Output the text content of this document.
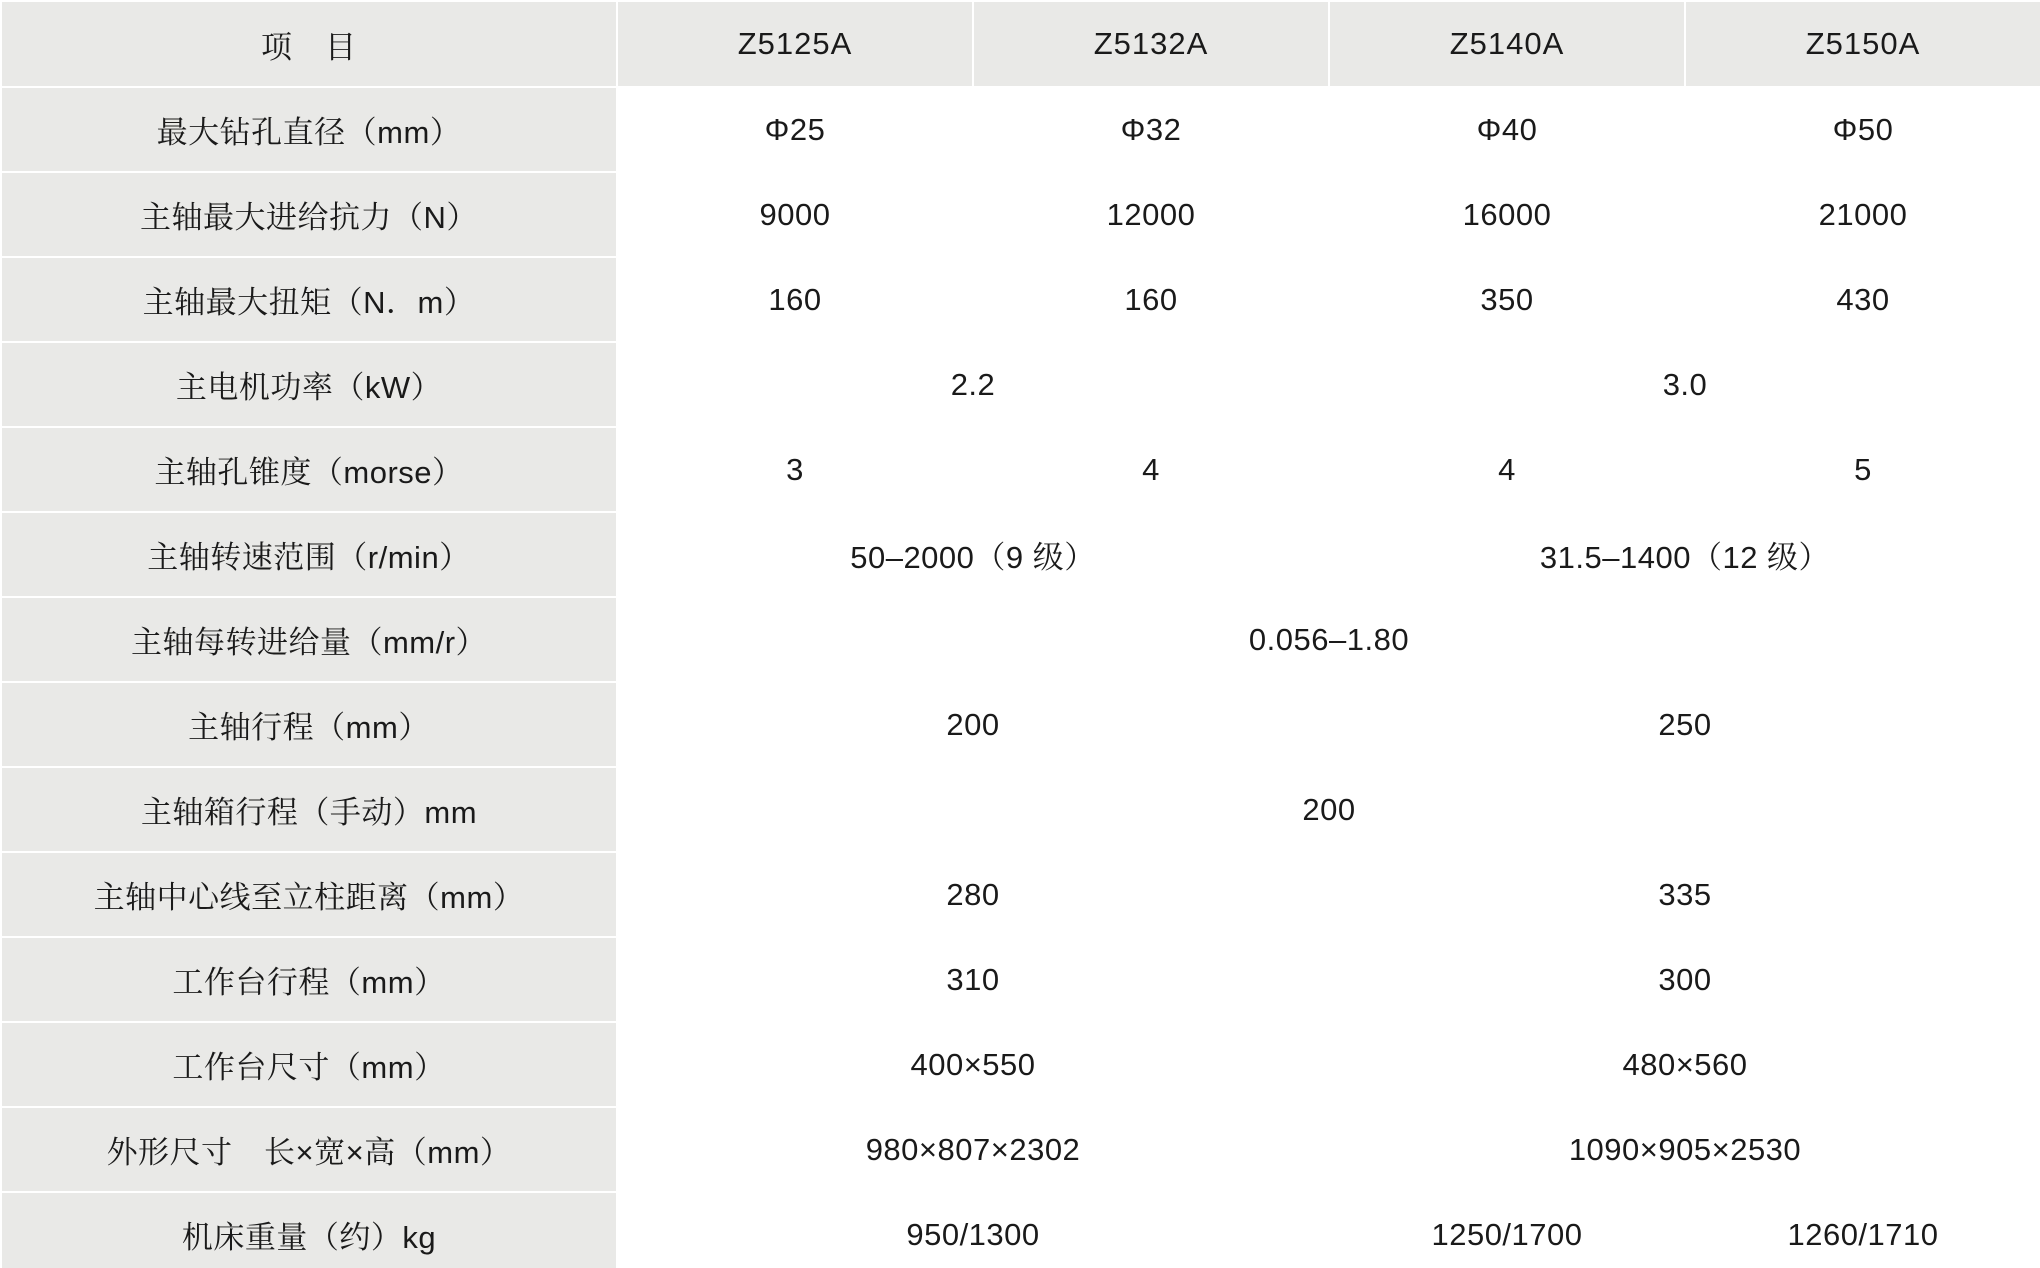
项　目	Z5125A	Z5132A	Z5140A	Z5150A
最大钻孔直径（mm）	Φ25	Φ32	Φ40	Φ50
主轴最大进给抗力（N）	9000	12000	16000	21000
主轴最大扭矩（N．m）	160	160	350	430
主电机功率（kW）	2.2		3.0	
主轴孔锥度（morse）	3	4	4	5
主轴转速范围（r/min）	50–2000（9 级）		31.5–1400（12 级）	
主轴每转进给量（mm/r）	0.056–1.80			
主轴行程（mm）	200		250	
主轴箱行程（手动）mm	200			
主轴中心线至立柱距离（mm）	280		335	
工作台行程（mm）	310		300	
工作台尺寸（mm）	400×550		480×560	
外形尺寸　长×宽×高（mm）	980×807×2302		1090×905×2530	
机床重量（约）kg	950/1300		1250/1700	1260/1710
